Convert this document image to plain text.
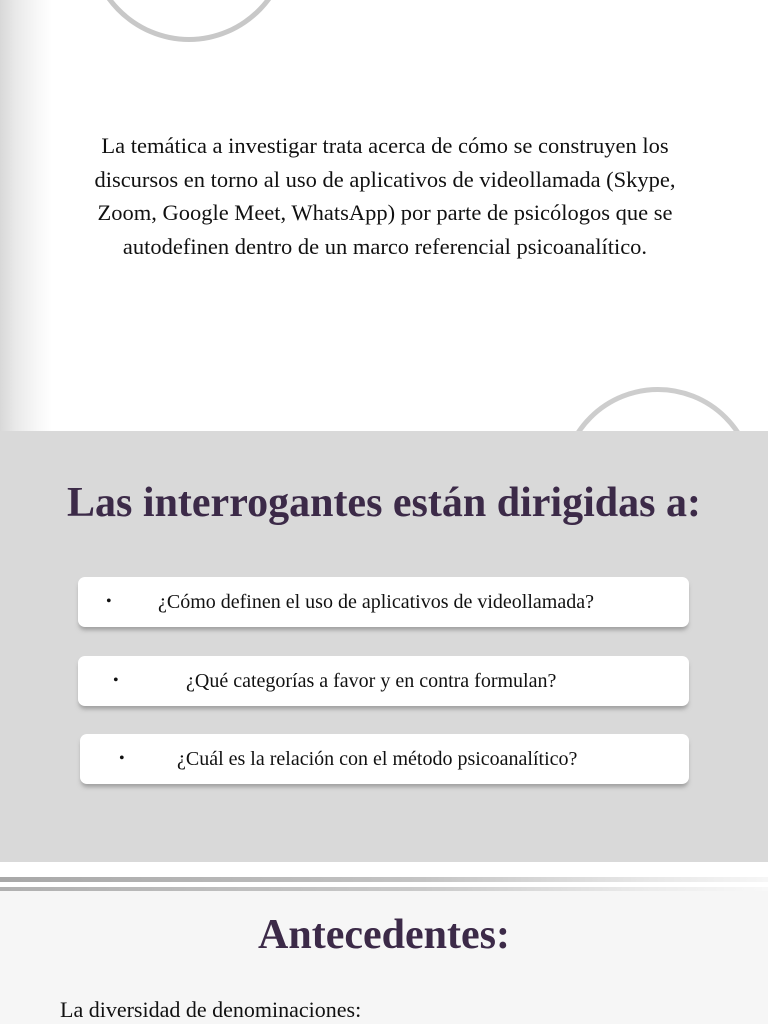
La temática a investigar trata acerca de cómo se construyen los discursos en torno al uso de aplicativos de videollamada (Skype, Zoom, Google Meet, WhatsApp) por parte de psicólogos que se autodefinen dentro de un marco referencial psicoanalítico.

Las interrogantes están dirigidas a:
•	¿Cómo definen el uso de aplicativos de videollamada?
•	¿Qué categorías a favor y en contra formulan?
•	¿Cuál es la relación con el método psicoanalítico?
Antecedentes:

La diversidad de denominaciones:
